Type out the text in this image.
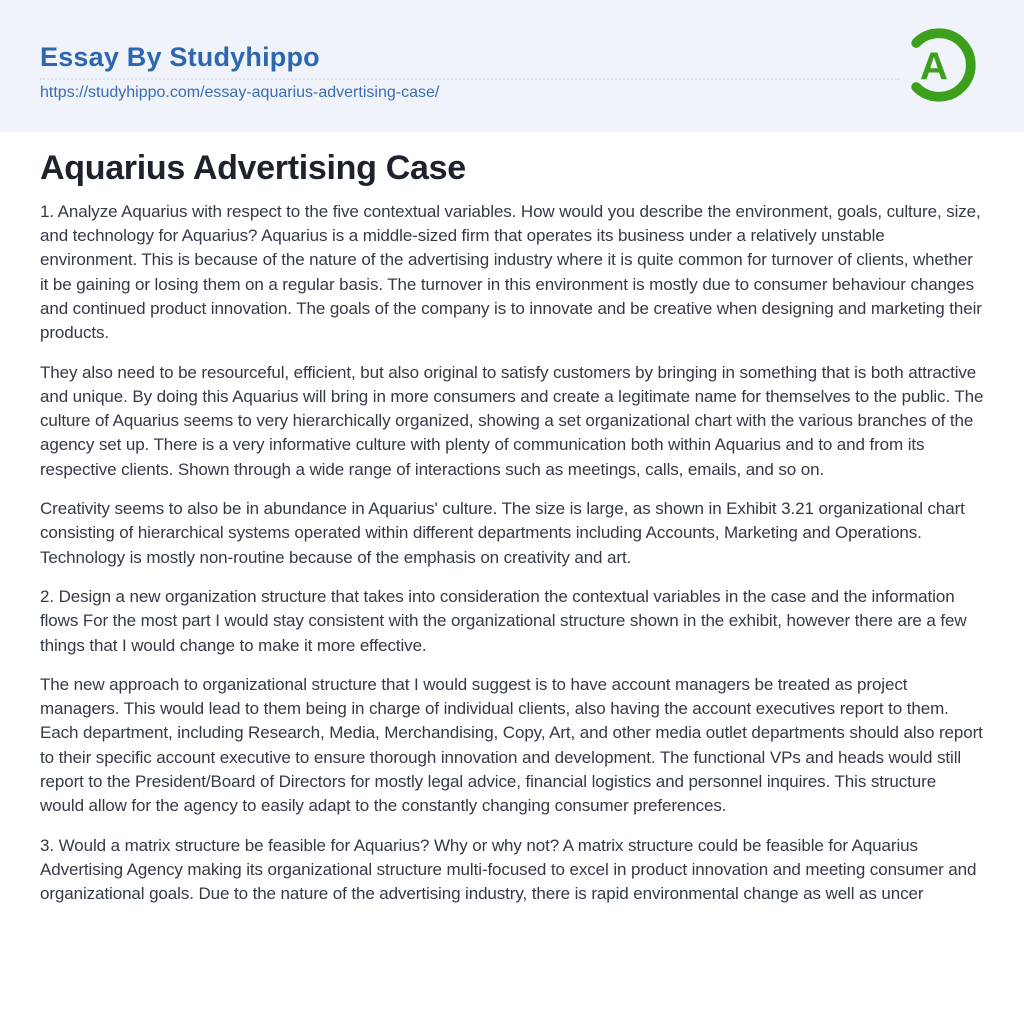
Essay By Studyhippo
https://studyhippo.com/essay-aquarius-advertising-case/
A
Aquarius Advertising Case

1. Analyze Aquarius with respect to the five contextual variables. How would you describe the environment, goals, culture, size, and technology for Aquarius? Aquarius is a middle-sized firm that operates its business under a relatively unstable environment. This is because of the nature of the advertising industry where it is quite common for turnover of clients, whether it be gaining or losing them on a regular basis. The turnover in this environment is mostly due to consumer behaviour changes and continued product innovation. The goals of the company is to innovate and be creative when designing and marketing their products.

They also need to be resourceful, efficient, but also original to satisfy customers by bringing in something that is both attractive and unique. By doing this Aquarius will bring in more consumers and create a legitimate name for themselves to the public. The culture of Aquarius seems to very hierarchically organized, showing a set organizational chart with the various branches of the agency set up. There is a very informative culture with plenty of communication both within Aquarius and to and from its respective clients. Shown through a wide range of interactions such as meetings, calls, emails, and so on.

Creativity seems to also be in abundance in Aquarius' culture. The size is large, as shown in Exhibit 3.21 organizational chart consisting of hierarchical systems operated within different departments including Accounts, Marketing and Operations. Technology is mostly non-routine because of the emphasis on creativity and art.

2. Design a new organization structure that takes into consideration the contextual variables in the case and the information flows For the most part I would stay consistent with the organizational structure shown in the exhibit, however there are a few things that I would change to make it more effective.

The new approach to organizational structure that I would suggest is to have account managers be treated as project managers. This would lead to them being in charge of individual clients, also having the account executives report to them. Each department, including Research, Media, Merchandising, Copy, Art, and other media outlet departments should also report to their specific account executive to ensure thorough innovation and development. The functional VPs and heads would still report to the President/Board of Directors for mostly legal advice, financial logistics and personnel inquires. This structure would allow for the agency to easily adapt to the constantly changing consumer preferences.

3. Would a matrix structure be feasible for Aquarius? Why or why not? A matrix structure could be feasible for Aquarius Advertising Agency making its organizational structure multi-focused to excel in product innovation and meeting consumer and organizational goals. Due to the nature of the advertising industry, there is rapid environmental change as well as uncer
